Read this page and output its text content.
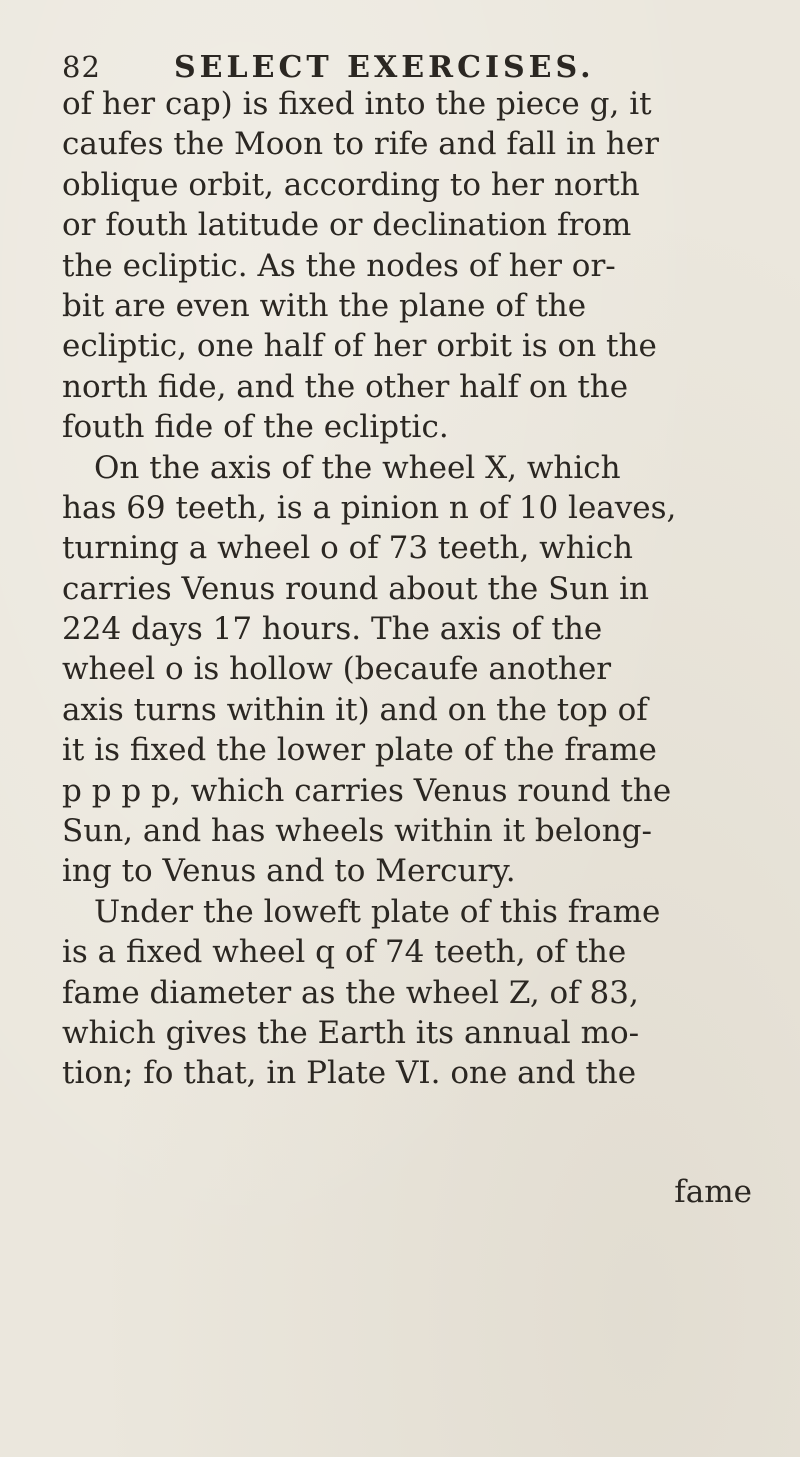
82 SELECT EXERCISES.
of her cap) is fixed into the piece g, it
caufes the Moon to rife and fall in her
oblique orbit, according to her north
or fouth latitude or declination from
the ecliptic. As the nodes of her or-
bit are even with the plane of the
ecliptic, one half of her orbit is on the
north fide, and the other half on the
fouth fide of the ecliptic.
On the axis of the wheel X, which
has 69 teeth, is a pinion n of 10 leaves,
turning a wheel o of 73 teeth, which
carries Venus round about the Sun in
224 days 17 hours. The axis of the
wheel o is hollow (becaufe another
axis turns within it) and on the top of
it is fixed the lower plate of the frame
p p p p, which carries Venus round the
Sun, and has wheels within it belong-
ing to Venus and to Mercury.
Under the loweft plate of this frame
is a fixed wheel q of 74 teeth, of the
fame diameter as the wheel Z, of 83,
which gives the Earth its annual mo-
tion; fo that, in Plate VI. one and the
fame
